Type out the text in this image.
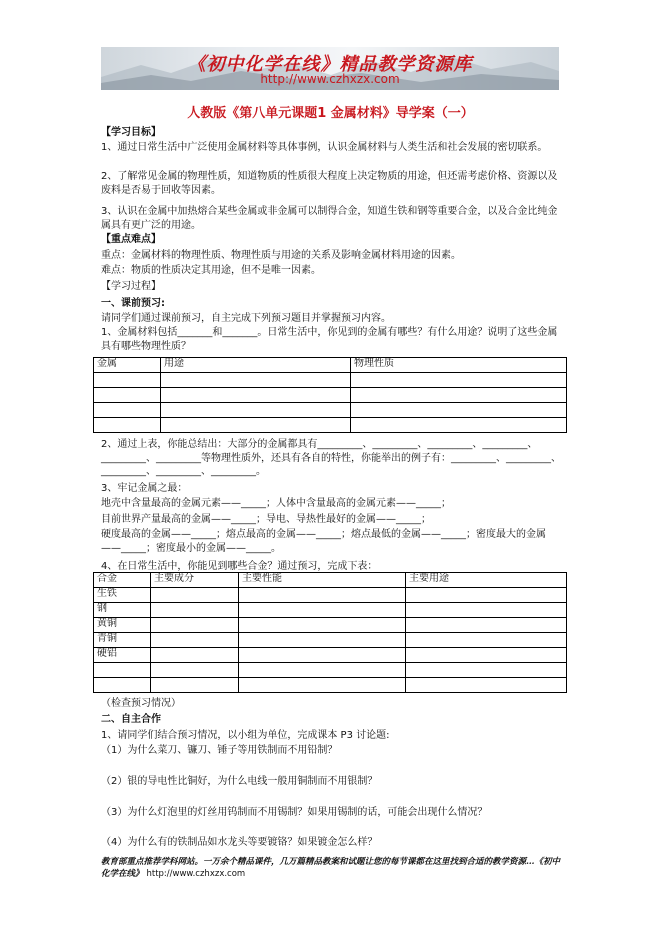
《初中化学在线》精品教学资源库
http://www.czhxzx.com
人教版《第八单元课题1 金属材料》导学案（一）
【学习目标】
1、通过日常生活中广泛使用金属材料等具体事例，认识金属材料与人类生活和社会发展的密切联系。
2、了解常见金属的物理性质，知道物质的性质很大程度上决定物质的用途，但还需考虑价格、资源以及废料是否易于回收等因素。
3、认识在金属中加热熔合某些金属或非金属可以制得合金，知道生铁和钢等重要合金，以及合金比纯金属具有更广泛的用途。
【重点难点】
重点：金属材料的物理性质、物理性质与用途的关系及影响金属材料用途的因素。
难点：物质的性质决定其用途，但不是唯一因素。
【学习过程】
一、课前预习:
请同学们通过课前预习，自主完成下列预习题目并掌握预习内容。
1、金属材料包括_______和_______。日常生活中，你见到的金属有哪些？有什么用途？说明了这些金属具有哪些物理性质？
金属	用途	物理性质

2、通过上表，你能总结出：大部分的金属都具有_________、_________、_________、_________、_________、_________等物理性质外，还具有各自的特性，你能举出的例子有：_________、_________、_________、_________、_________。
3、牢记金属之最：
地壳中含量最高的金属元素——_____；人体中含量最高的金属元素——_____；
目前世界产量最高的金属——_____；导电、导热性最好的金属——_____；
硬度最高的金属——_____；熔点最高的金属——_____；熔点最低的金属——_____；密度最大的金属——_____；密度最小的金属——_____。
4、在日常生活中，你能见到哪些合金？通过预习，完成下表：
合金	主要成分	主要性能	主要用途
生铁			
钢			
黄铜			
青铜			
硬铝			

（检查预习情况）
二、自主合作
1、请同学们结合预习情况，以小组为单位，完成课本 P3 讨论题:
（1）为什么菜刀、镰刀、锤子等用铁制而不用铅制？
（2）银的导电性比铜好，为什么电线一般用铜制而不用银制？
（3）为什么灯泡里的灯丝用钨制而不用锡制？如果用锡制的话，可能会出现什么情况？
（4）为什么有的铁制品如水龙头等要镀铬？如果镀金怎么样？
教育部重点推荐学科网站。一万余个精品课件，几万篇精品教案和试题让您的每节课都在这里找到合适的教学资源…《初中化学在线》 http://www.czhxzx.com
